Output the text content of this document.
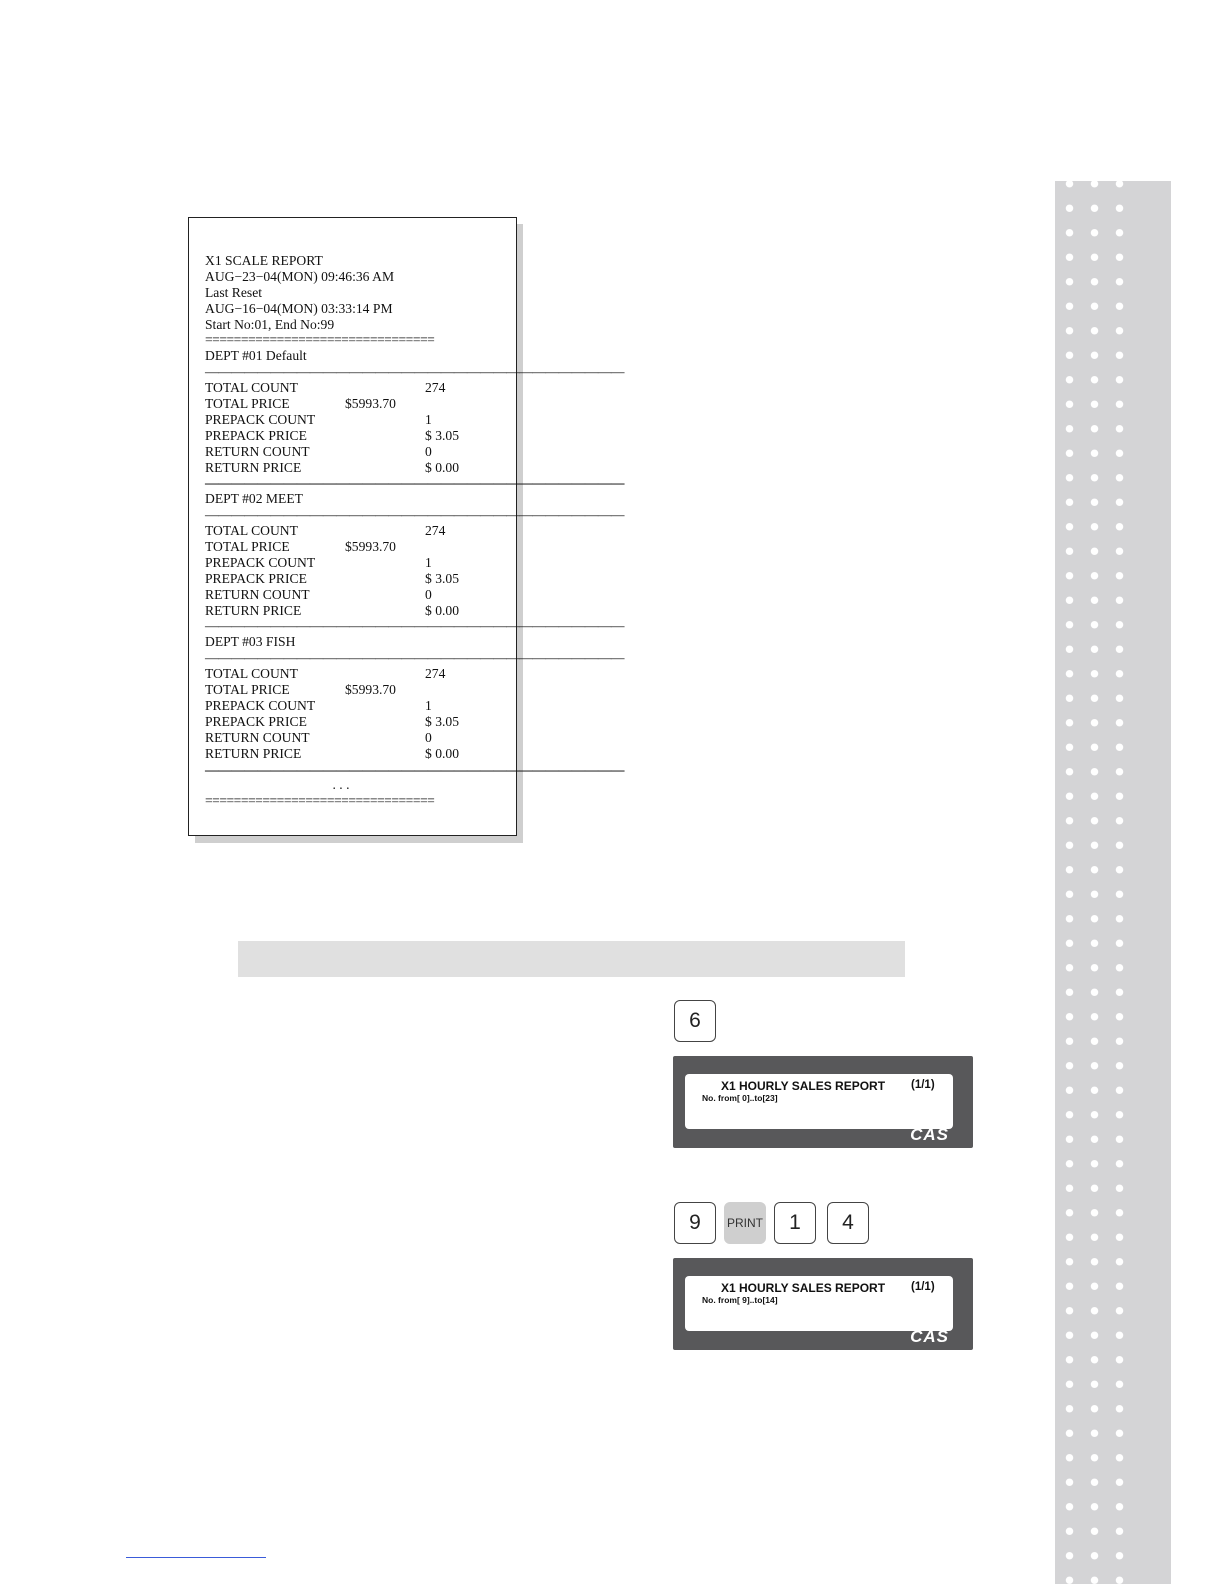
X1 SCALE REPORT
AUG−23−04(MON) 09:46:36 AM
Last Reset
AUG−16−04(MON) 03:33:14 PM
Start No:01, End No:99
================================
DEPT #01 Default
————————————————————————————————
TOTAL COUNT	274
TOTAL PRICE	$5993.70
PREPACK COUNT	1
PREPACK PRICE	$ 3.05
RETURN COUNT	0
RETURN PRICE	$ 0.00
————————————————————————————————
DEPT #02 MEET
————————————————————————————————
TOTAL COUNT	274
TOTAL PRICE	$5993.70
PREPACK COUNT	1
PREPACK PRICE	$ 3.05
RETURN COUNT	0
RETURN PRICE	$ 0.00
————————————————————————————————
DEPT #03 FISH
————————————————————————————————
TOTAL COUNT	274
TOTAL PRICE	$5993.70
PREPACK COUNT	1
PREPACK PRICE	$ 3.05
RETURN COUNT	0
RETURN PRICE	$ 0.00
————————————————————————————————
. . .
================================
6
X1 HOURLY SALES REPORT (1/1)
No. from[ 0]..to[23]
CAS
9	PRINT	1	4
X1 HOURLY SALES REPORT (1/1)
No. from[ 9]..to[14]
CAS
